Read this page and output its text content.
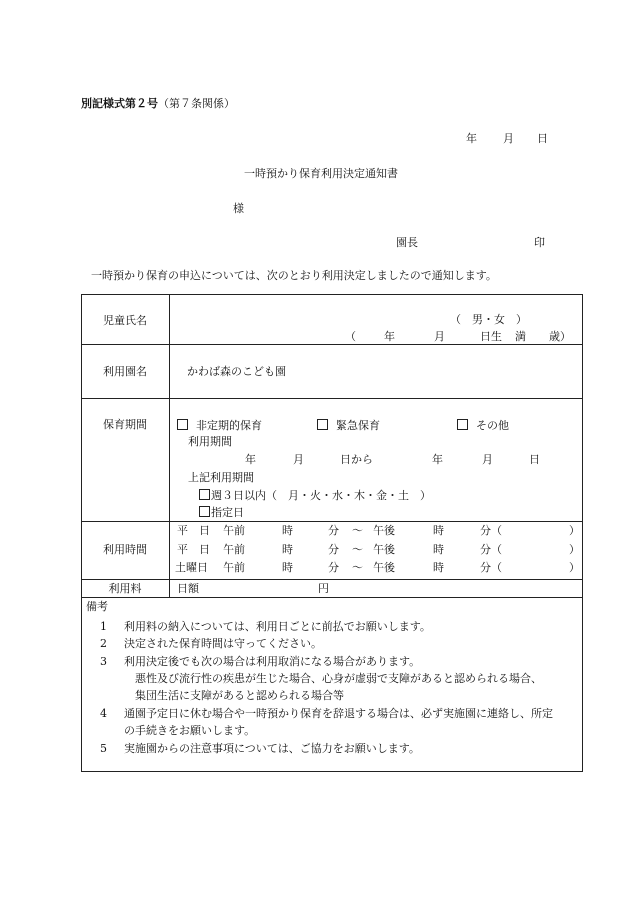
別記様式第２号（第７条関係）
年 月 日
一時預かり保育利用決定通知書
様
園長	印
一時預かり保育の申込については、次のとおり利用決定しましたので通知します。
児童氏名	（　男・女　）
（	年	月	日生 満 歳）
利用園名	かわば森のこども園
保育期間	非定期的保育	緊急保育	その他
利用期間
年	月	日から	年	月	日
上記利用期間
週３日以内（　月・火・水・木・金・土　）
指定日
利用時間
平　日 午前	時	分 ～ 午後	時	分（	）
平　日 午前	時	分 ～ 午後	時	分（	）
土曜日 午前	時	分 ～ 午後	時	分（	）
利用料	日額	円
備考
1 利用料の納入については、利用日ごとに前払でお願いします。
2 決定された保育時間は守ってください。
3 利用決定後でも次の場合は利用取消になる場合があります。
悪性及び流行性の疾患が生じた場合、心身が虚弱で支障があると認められる場合、
集団生活に支障があると認められる場合等
4 通園予定日に休む場合や一時預かり保育を辞退する場合は、必ず実施園に連絡し、所定
の手続きをお願いします。
5 実施園からの注意事項については、ご協力をお願いします。
